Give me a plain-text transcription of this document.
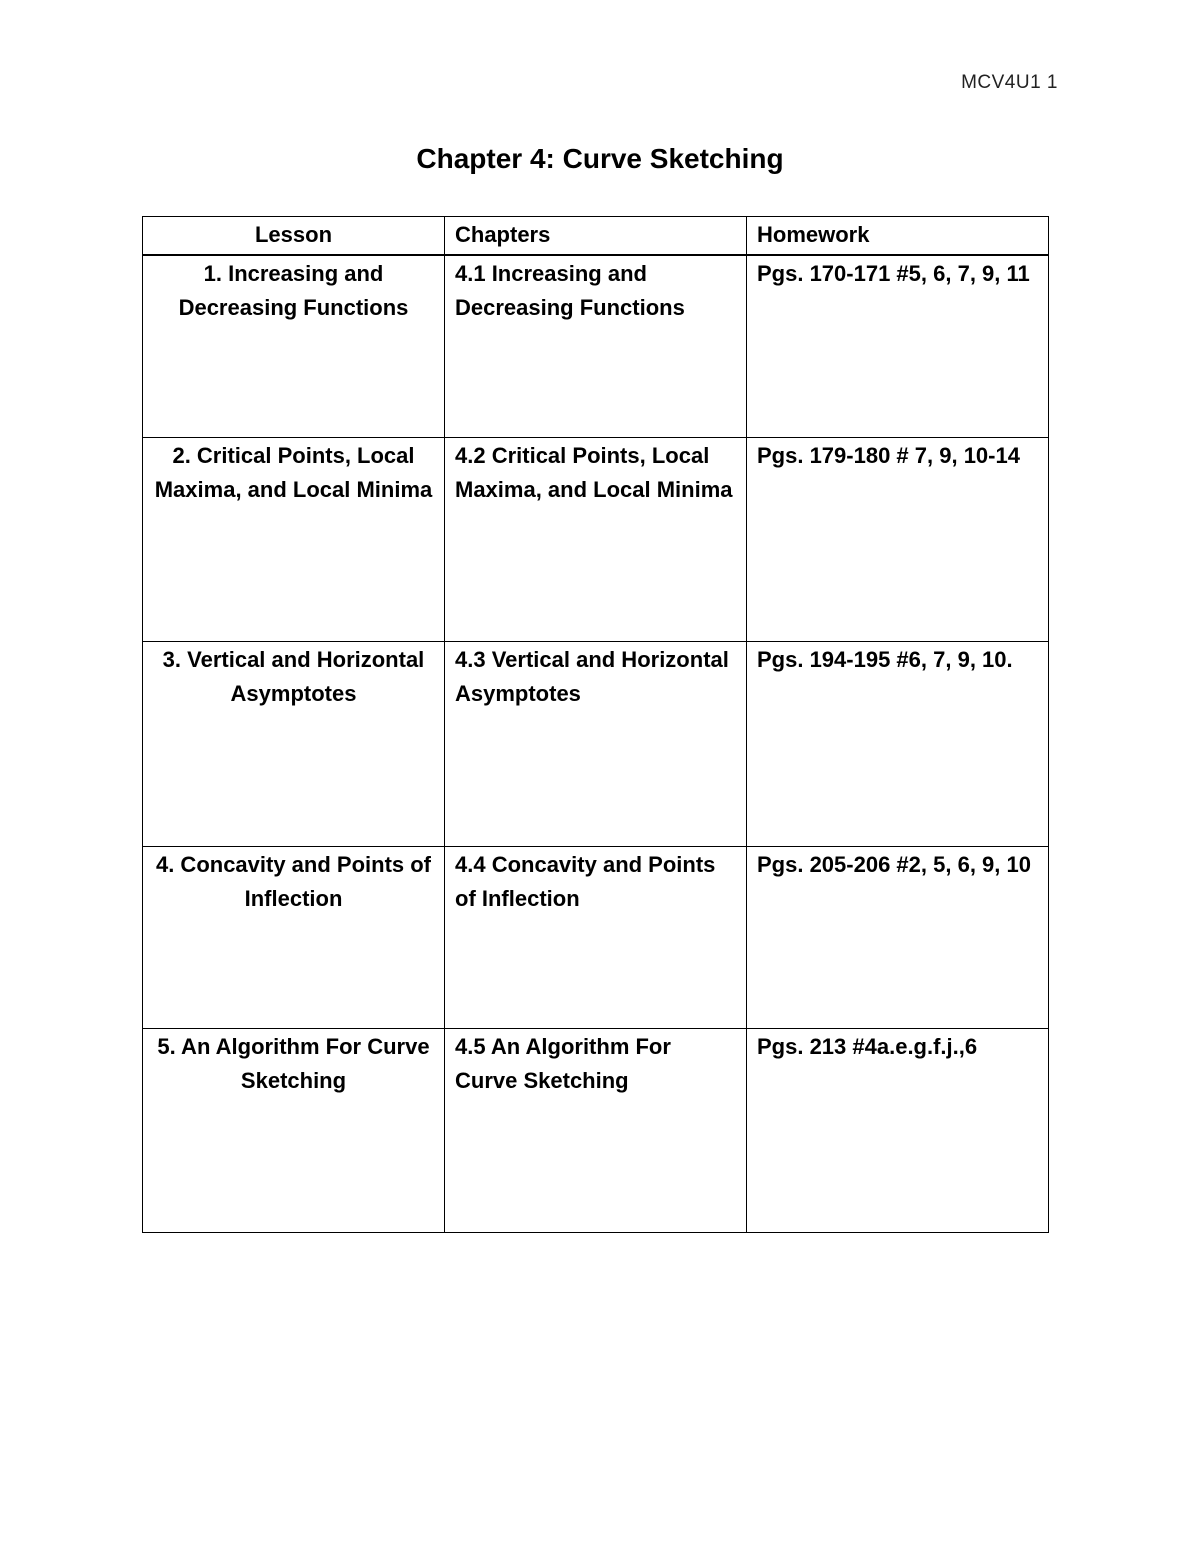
MCV4U1 1
Chapter 4: Curve Sketching
Lesson	Chapters	Homework
1. Increasing and Decreasing Functions	4.1 Increasing and Decreasing Functions	Pgs. 170-171 #5, 6, 7, 9, 11
2. Critical Points, Local Maxima, and Local Minima	4.2 Critical Points, Local Maxima, and Local Minima	Pgs. 179-180 # 7, 9, 10-14
3. Vertical and Horizontal Asymptotes	4.3 Vertical and Horizontal Asymptotes	Pgs. 194-195 #6, 7, 9, 10.
4. Concavity and Points of Inflection	4.4 Concavity and Points of Inflection	Pgs. 205-206 #2, 5, 6, 9, 10
5. An Algorithm For Curve Sketching	4.5 An Algorithm For Curve Sketching	Pgs. 213 #4a.e.g.f.j.,6
